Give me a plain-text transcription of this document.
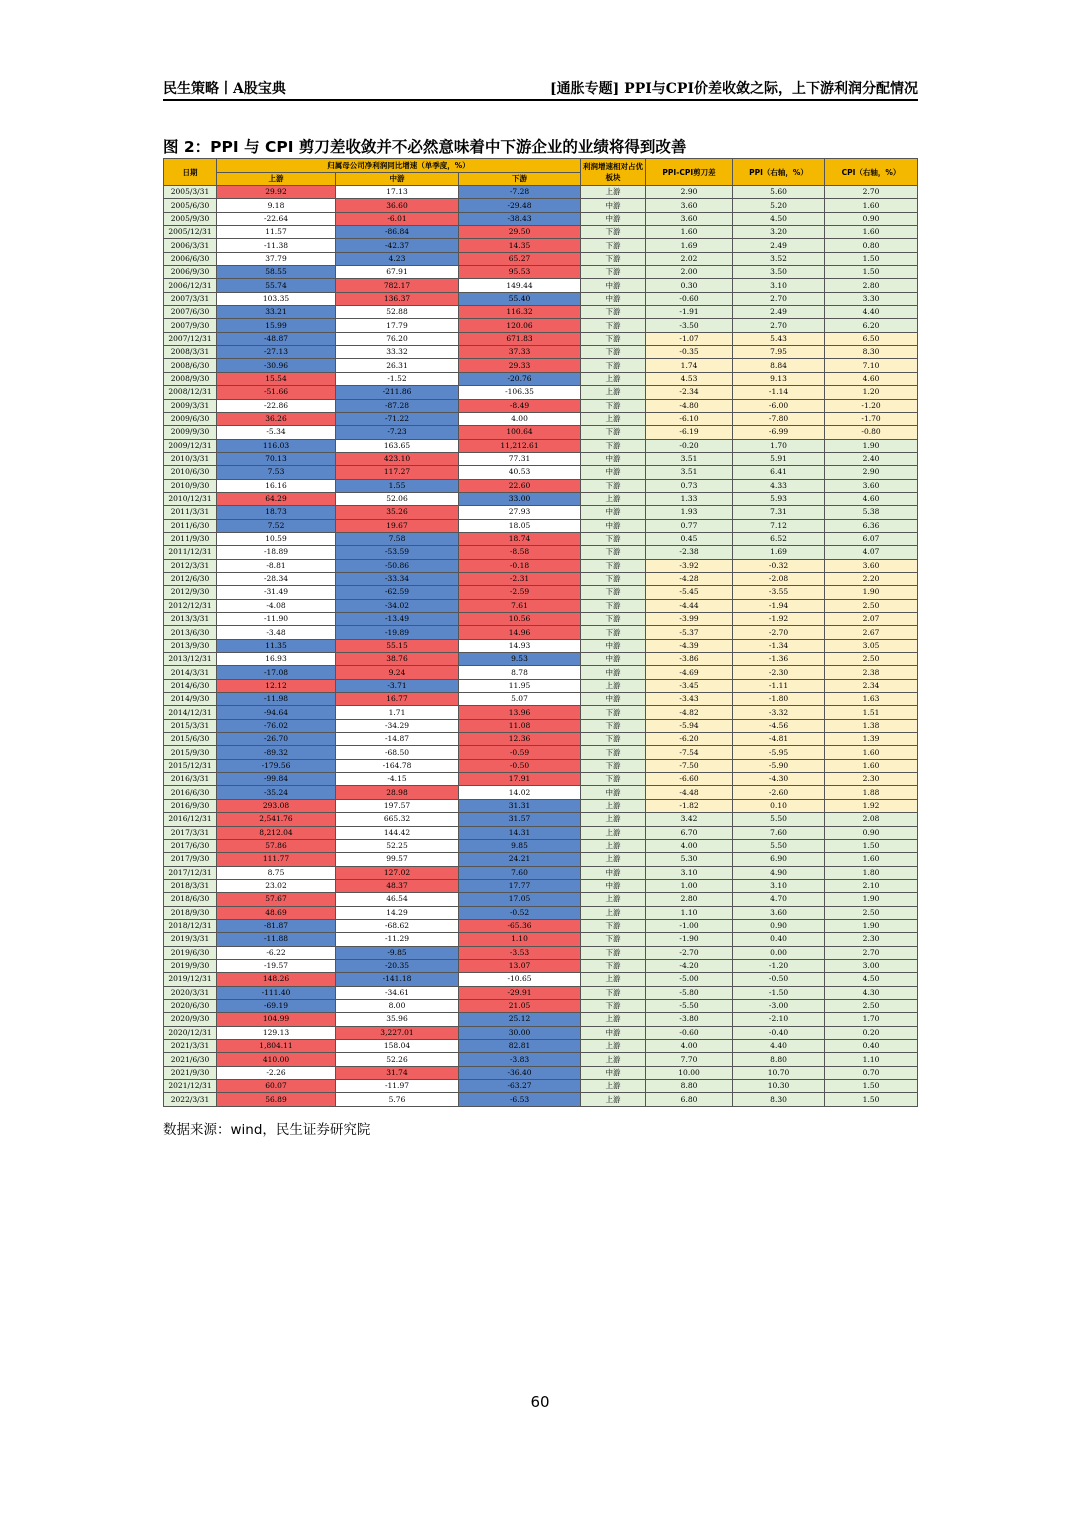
民生策略丨A股宝典	[通胀专题] PPI与CPI价差收敛之际，上下游利润分配情况
图 2：PPI 与 CPI 剪刀差收敛并不必然意味着中下游企业的业绩将得到改善
日期	归属母公司净利润同比增速（单季度，%）			利润增速相对占优板块	PPI-CPI剪刀差	PPI（右轴，%）	CPI（右轴，%）
	上游	中游	下游				
2005/3/31	29.92	17.13	-7.28	上游	2.90	5.60	2.70
2005/6/30	9.18	36.60	-29.48	中游	3.60	5.20	1.60
2005/9/30	-22.64	-6.01	-38.43	中游	3.60	4.50	0.90
2005/12/31	11.57	-86.84	29.50	下游	1.60	3.20	1.60
2006/3/31	-11.38	-42.37	14.35	下游	1.69	2.49	0.80
2006/6/30	37.79	4.23	65.27	下游	2.02	3.52	1.50
2006/9/30	58.55	67.91	95.53	下游	2.00	3.50	1.50
2006/12/31	55.74	782.17	149.44	中游	0.30	3.10	2.80
2007/3/31	103.35	136.37	55.40	中游	-0.60	2.70	3.30
2007/6/30	33.21	52.88	116.32	下游	-1.91	2.49	4.40
2007/9/30	15.99	17.79	120.06	下游	-3.50	2.70	6.20
2007/12/31	-48.87	76.20	671.83	下游	-1.07	5.43	6.50
2008/3/31	-27.13	33.32	37.33	下游	-0.35	7.95	8.30
2008/6/30	-30.96	26.31	29.33	下游	1.74	8.84	7.10
2008/9/30	15.54	-1.52	-20.76	上游	4.53	9.13	4.60
2008/12/31	-51.66	-211.86	-106.35	上游	-2.34	-1.14	1.20
2009/3/31	-22.86	-87.28	-8.49	下游	-4.80	-6.00	-1.20
2009/6/30	36.26	-71.22	4.00	上游	-6.10	-7.80	-1.70
2009/9/30	-5.34	-7.23	100.64	下游	-6.19	-6.99	-0.80
2009/12/31	116.03	163.65	11,212.61	下游	-0.20	1.70	1.90
2010/3/31	70.13	423.10	77.31	中游	3.51	5.91	2.40
2010/6/30	7.53	117.27	40.53	中游	3.51	6.41	2.90
2010/9/30	16.16	1.55	22.60	下游	0.73	4.33	3.60
2010/12/31	64.29	52.06	33.00	上游	1.33	5.93	4.60
2011/3/31	18.73	35.26	27.93	中游	1.93	7.31	5.38
2011/6/30	7.52	19.67	18.05	中游	0.77	7.12	6.36
2011/9/30	10.59	7.58	18.74	下游	0.45	6.52	6.07
2011/12/31	-18.89	-53.59	-8.58	下游	-2.38	1.69	4.07
2012/3/31	-8.81	-50.86	-0.18	下游	-3.92	-0.32	3.60
2012/6/30	-28.34	-33.34	-2.31	下游	-4.28	-2.08	2.20
2012/9/30	-31.49	-62.59	-2.59	下游	-5.45	-3.55	1.90
2012/12/31	-4.08	-34.02	7.61	下游	-4.44	-1.94	2.50
2013/3/31	-11.90	-13.49	10.56	下游	-3.99	-1.92	2.07
2013/6/30	-3.48	-19.89	14.96	下游	-5.37	-2.70	2.67
2013/9/30	11.35	55.15	14.93	中游	-4.39	-1.34	3.05
2013/12/31	16.93	38.76	9.53	中游	-3.86	-1.36	2.50
2014/3/31	-17.08	9.24	8.78	中游	-4.69	-2.30	2.38
2014/6/30	12.12	-3.71	11.95	上游	-3.45	-1.11	2.34
2014/9/30	-11.98	16.77	5.07	中游	-3.43	-1.80	1.63
2014/12/31	-94.64	1.71	13.96	下游	-4.82	-3.32	1.51
2015/3/31	-76.02	-34.29	11.08	下游	-5.94	-4.56	1.38
2015/6/30	-26.70	-14.87	12.36	下游	-6.20	-4.81	1.39
2015/9/30	-89.32	-68.50	-0.59	下游	-7.54	-5.95	1.60
2015/12/31	-179.56	-164.78	-0.50	下游	-7.50	-5.90	1.60
2016/3/31	-99.84	-4.15	17.91	下游	-6.60	-4.30	2.30
2016/6/30	-35.24	28.98	14.02	中游	-4.48	-2.60	1.88
2016/9/30	293.08	197.57	31.31	上游	-1.82	0.10	1.92
2016/12/31	2,541.76	665.32	31.57	上游	3.42	5.50	2.08
2017/3/31	8,212.04	144.42	14.31	上游	6.70	7.60	0.90
2017/6/30	57.86	52.25	9.85	上游	4.00	5.50	1.50
2017/9/30	111.77	99.57	24.21	上游	5.30	6.90	1.60
2017/12/31	8.75	127.02	7.60	中游	3.10	4.90	1.80
2018/3/31	23.02	48.37	17.77	中游	1.00	3.10	2.10
2018/6/30	57.67	46.54	17.05	上游	2.80	4.70	1.90
2018/9/30	48.69	14.29	-0.52	上游	1.10	3.60	2.50
2018/12/31	-81.87	-68.62	-65.36	下游	-1.00	0.90	1.90
2019/3/31	-11.88	-11.29	1.10	下游	-1.90	0.40	2.30
2019/6/30	-6.22	-9.85	-3.53	下游	-2.70	0.00	2.70
2019/9/30	-19.57	-20.35	13.07	下游	-4.20	-1.20	3.00
2019/12/31	148.26	-141.18	-10.65	上游	-5.00	-0.50	4.50
2020/3/31	-111.40	-34.61	-29.91	下游	-5.80	-1.50	4.30
2020/6/30	-69.19	8.00	21.05	下游	-5.50	-3.00	2.50
2020/9/30	104.99	35.96	25.12	上游	-3.80	-2.10	1.70
2020/12/31	129.13	3,227.01	30.00	中游	-0.60	-0.40	0.20
2021/3/31	1,804.11	158.04	82.81	上游	4.00	4.40	0.40
2021/6/30	410.00	52.26	-3.83	上游	7.70	8.80	1.10
2021/9/30	-2.26	31.74	-36.40	中游	10.00	10.70	0.70
2021/12/31	60.07	-11.97	-63.27	上游	8.80	10.30	1.50
2022/3/31	56.89	5.76	-6.53	上游	6.80	8.30	1.50
数据来源：wind，民生证券研究院
60
